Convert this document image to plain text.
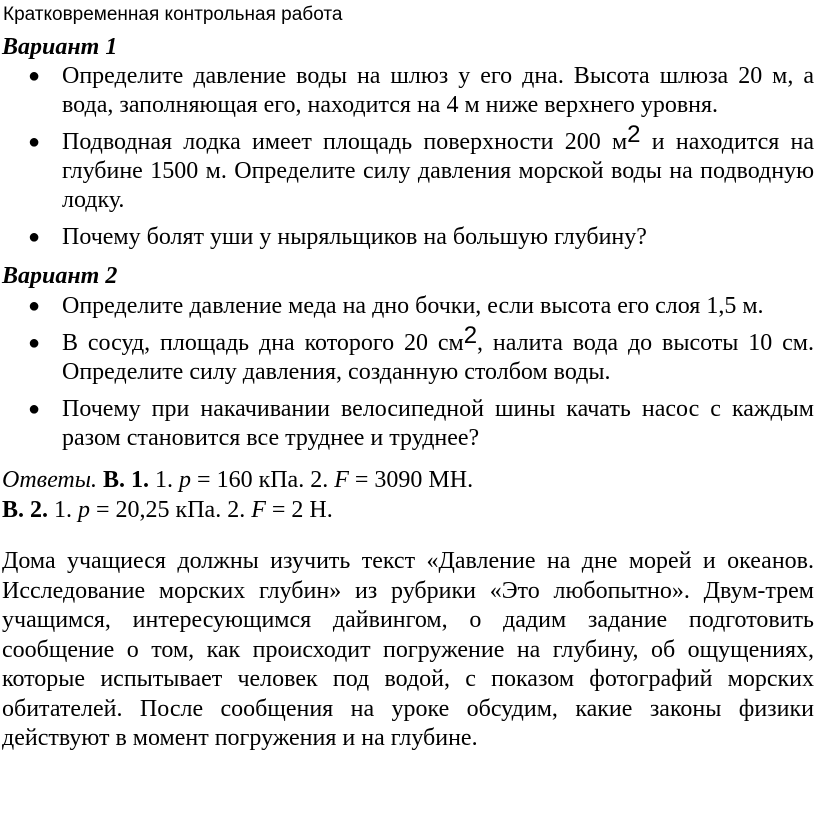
Кратковременная контрольная работа
Вариант 1
● Определите давление воды на шлюз у его дна. Высота шлюза 20 м, а вода, заполняющая его, находится на 4 м ниже верхнего уровня.
● Подводная лодка имеет площадь поверхности 200 $м^2$ и находится на глубине 1500 м. Определите силу давления морской воды на подводную лодку.
● Почему болят уши у ныряльщиков на большую глубину?
Вариант 2
● Определите давление меда на дно бочки, если высота его слоя 1,5 м.
● В сосуд, площадь дна которого 20 $см^2$, налита вода до высоты 10 см. Определите силу давления, созданную столбом воды.
● Почему при накачивании велосипедной шины качать насос с каждым разом становится все труднее и труднее?
Ответы. В. 1. 1. p = 160 кПа. 2. F = 3090 МН.
В. 2. 1. p = 20,25 кПа. 2. F = 2 Н.
Дома учащиеся должны изучить текст «Давление на дне морей и океанов. Исследование морских глубин» из рубрики «Это любопытно». Двум-трем учащимся, интересующимся дайвингом, о дадим задание подготовить сообщение о том, как происходит погружение на глубину, об ощущениях, которые испытывает человек под водой, с показом фотографий морских обитателей. После сообщения на уроке обсудим, какие законы физики действуют в момент погружения и на глубине.
